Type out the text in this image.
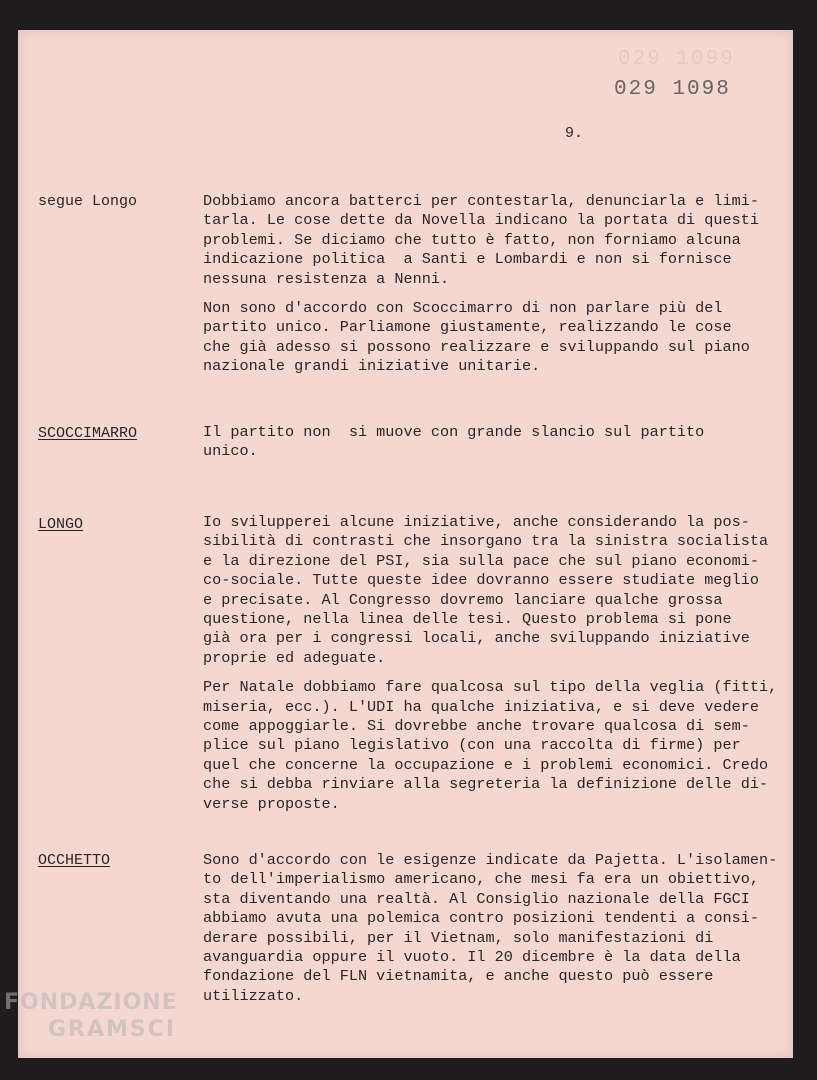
029 1099
029 1098
9.
segue Longo	Dobbiamo ancora batterci per contestarla, denunciarla e limi-
tarla. Le cose dette da Novella indicano la portata di questi
problemi. Se diciamo che tutto è fatto, non forniamo alcuna
indicazione politica  a Santi e Lombardi e non si fornisce
nessuna resistenza a Nenni.
Non sono d'accordo con Scoccimarro di non parlare più del
partito unico. Parliamone giustamente, realizzando le cose
che già adesso si possono realizzare e sviluppando sul piano
nazionale grandi iniziative unitarie.
SCOCCIMARRO	Il partito non  si muove con grande slancio sul partito
unico.
LONGO	Io svilupperei alcune iniziative, anche considerando la pos-
sibilità di contrasti che insorgano tra la sinistra socialista
e la direzione del PSI, sia sulla pace che sul piano economi-
co-sociale. Tutte queste idee dovranno essere studiate meglio
e precisate. Al Congresso dovremo lanciare qualche grossa
questione, nella linea delle tesi. Questo problema si pone
già ora per i congressi locali, anche sviluppando iniziative
proprie ed adeguate.
Per Natale dobbiamo fare qualcosa sul tipo della veglia (fitti,
miseria, ecc.). L'UDI ha qualche iniziativa, e si deve vedere
come appoggiarle. Si dovrebbe anche trovare qualcosa di sem-
plice sul piano legislativo (con una raccolta di firme) per
quel che concerne la occupazione e i problemi economici. Credo
che si debba rinviare alla segreteria la definizione delle di-
verse proposte.
OCCHETTO	Sono d'accordo con le esigenze indicate da Pajetta. L'isolamen-
to dell'imperialismo americano, che mesi fa era un obiettivo,
sta diventando una realtà. Al Consiglio nazionale della FGCI
abbiamo avuta una polemica contro posizioni tendenti a consi-
derare possibili, per il Vietnam, solo manifestazioni di
avanguardia oppure il vuoto. Il 20 dicembre è la data della
fondazione del FLN vietnamita, e anche questo può essere
utilizzato.
FONDAZIONE
GRAMSCI
